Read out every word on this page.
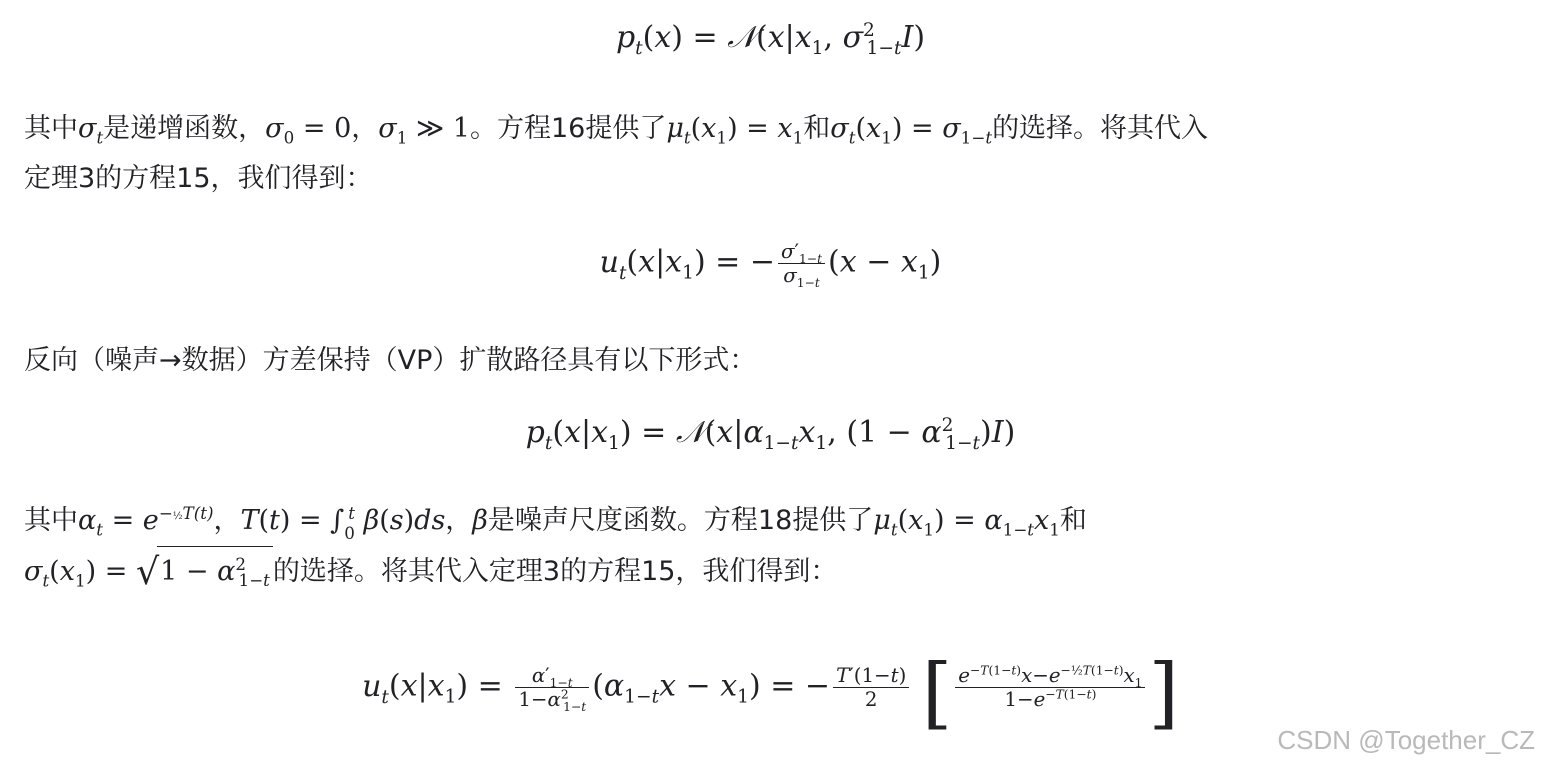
$p_t(x)$ = $𝒩(x|x_1$, $\sigma^2_{1-t}I$)
其中$\sigma_t$是递增函数，$\sigma_0 = 0$，$\sigma_1$ ≫ 1。方程16提供了$\mu_t(x_1) = x_1$和$\sigma_t(x_1) = \sigma_{1-t}$的选择。将其代入
定理3的方程15，我们得到：
$u_t(x|x_1)$ = − $\frac{\sigma'_{1-t}}{\sigma_{1-t}} (x - x_1)$
反向（噪声→数据）方差保持（VP）扩散路径具有以下形式：
$p_t(x|x_1)$ = $𝒩(x|\alpha_{1-t}x_1$, $(1 - \alpha^2_{1-t})I$)
其中$\alpha_t = e^{-\frac{1}{2}T(t)}$，$T(t) = \int_0^t$ β(s)ds，β是噪声尺度函数。方程18提供了$\mu_t(x_1) = \alpha_{1-t}x_1$和
$\sigma_t(x_1) = √1 - \alpha^2_{1-t}$ 的选择。将其代入定理3的方程15，我们得到：
$u_t(x|x_1) = \frac{\alpha'_{1-t}}{1-\alpha^2_{1-t}} (\alpha_{1-t}x - x_1)$ = − $\frac{T'(1-t)}{2}$ [ $\frac{e^{-T(1-t)}x-e^{-\frac{1}{2}T(1-t)}x_1}{1-e^{-T(1-t)}}$ ]
CSDN @Together_CZ
